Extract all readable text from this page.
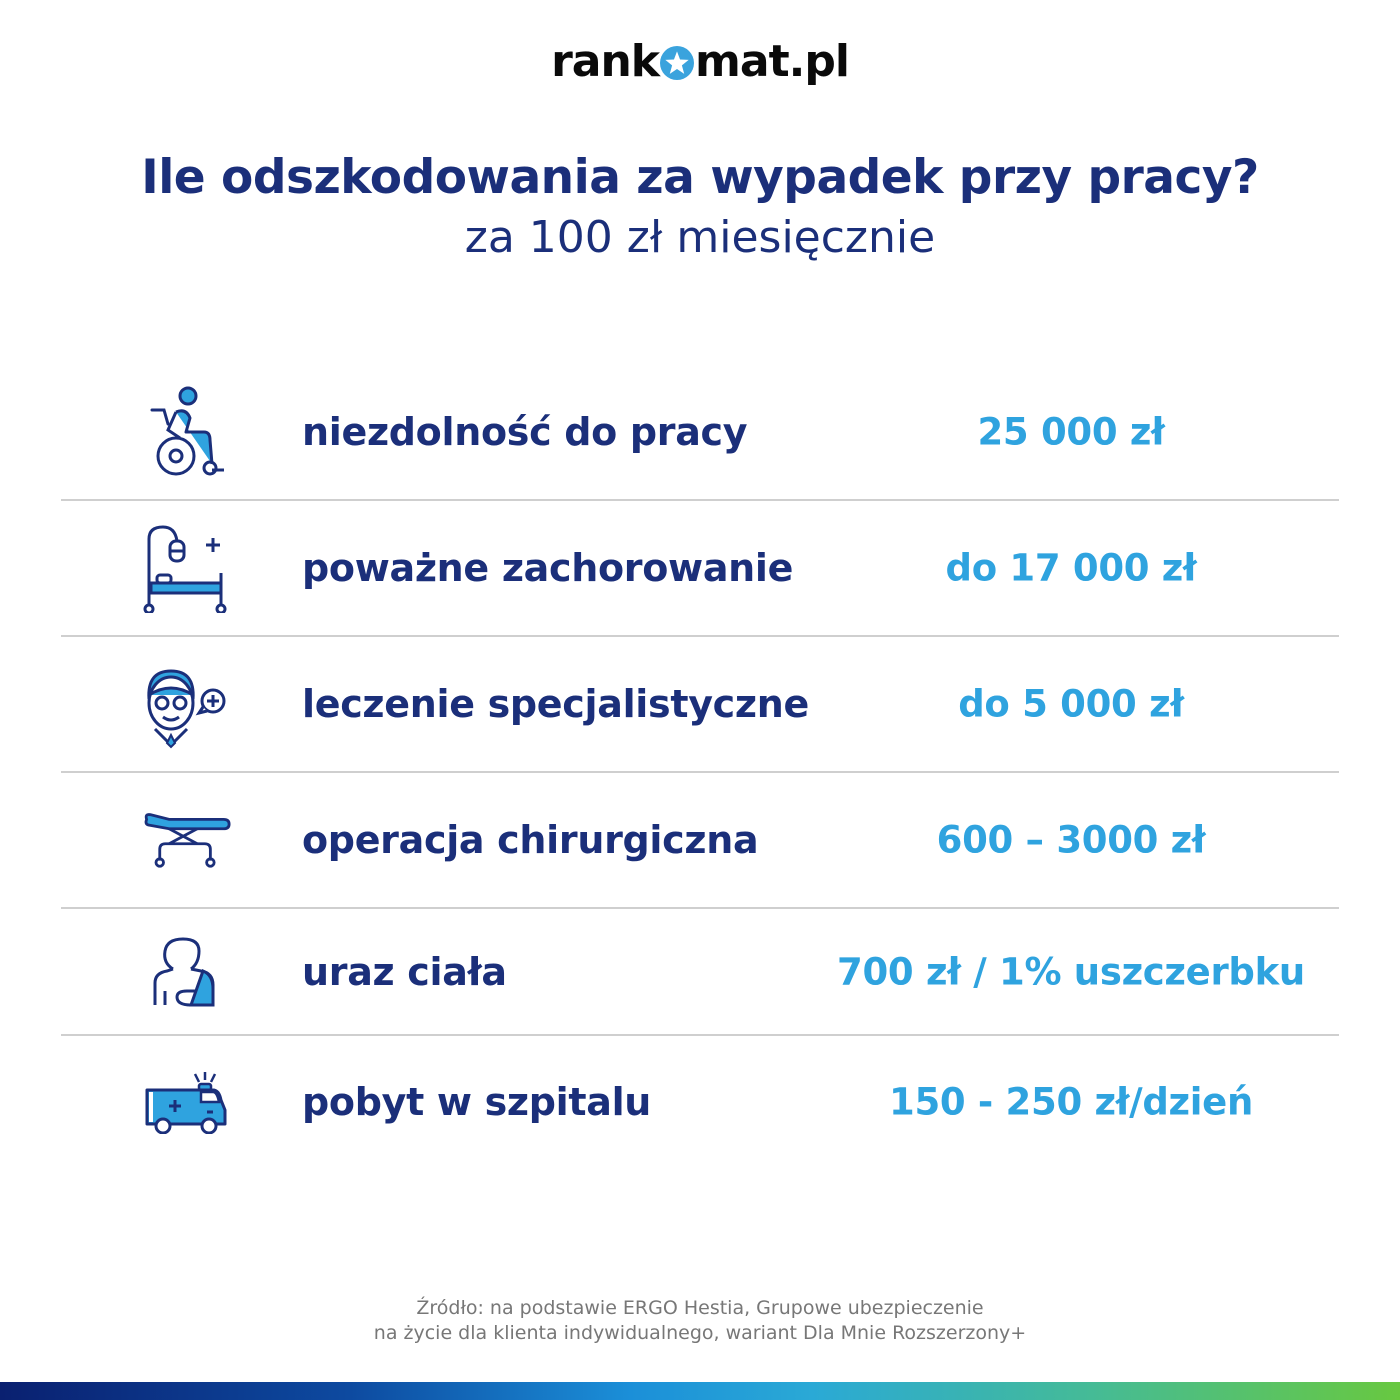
rank mat.pl
Ile odszkodowania za wypadek przy pracy?
za 100 zł miesięcznie
niezdolność do pracy	25 000 zł
poważne zachorowanie	do 17 000 zł
leczenie specjalistyczne	do 5 000 zł
operacja chirurgiczna	600 – 3000 zł
uraz ciała	700 zł / 1% uszczerbku
pobyt w szpitalu	150 - 250 zł/dzień
Źródło: na podstawie ERGO Hestia, Grupowe ubezpieczenie
na życie dla klienta indywidualnego, wariant Dla Mnie Rozszerzony+
